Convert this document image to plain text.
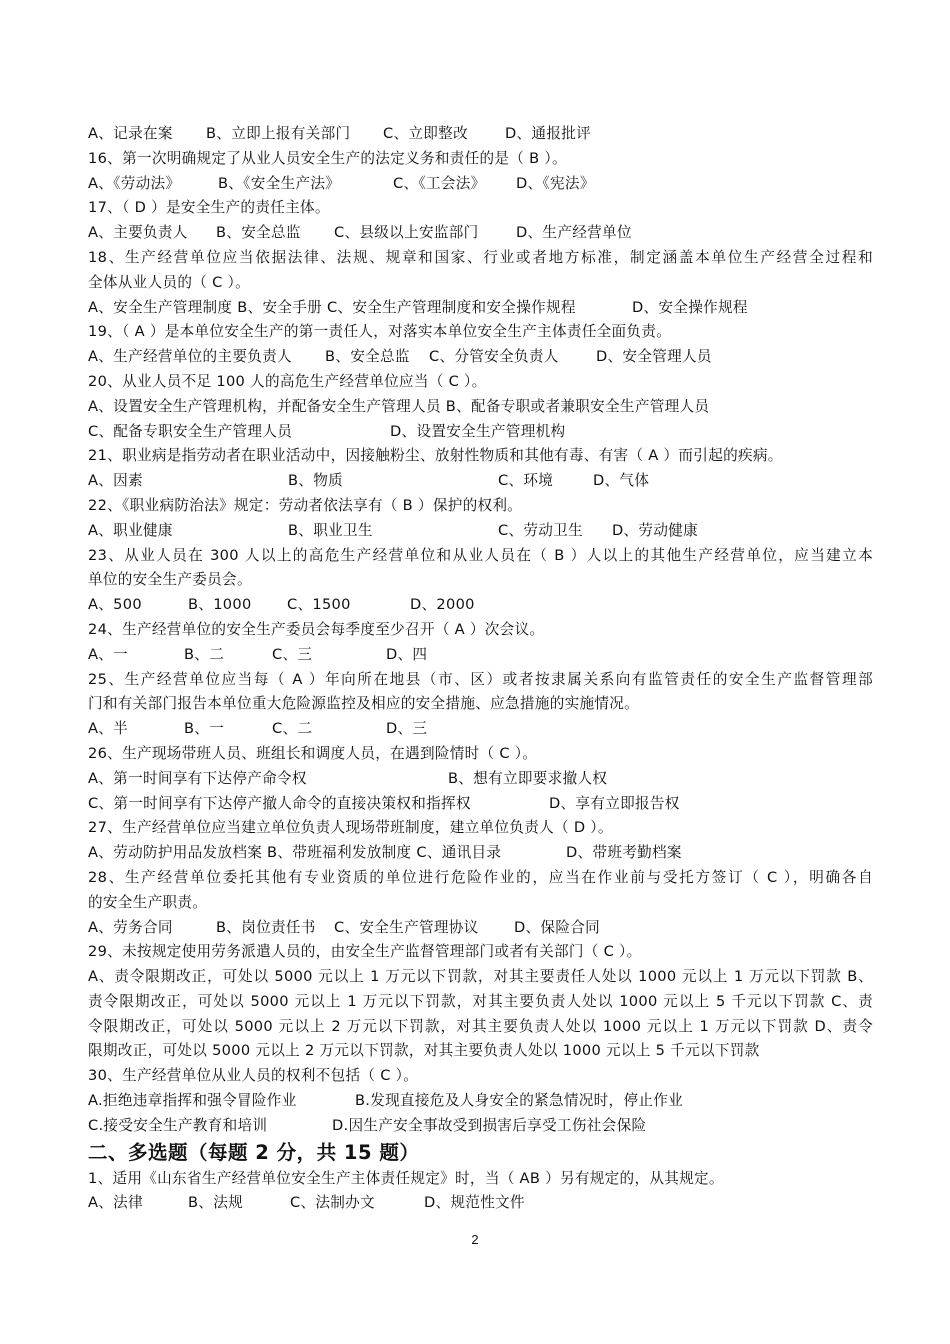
A、记录在案 B、立即上报有关部门 C、立即整改	D、通报批评
16、第一次明确规定了从业人员安全生产的法定义务和责任的是（ B ）。
A、《劳动法》	B、《安全生产法》	C、《工会法》 D、《宪法》
17、（ D ）是安全生产的责任主体。
A、主要负责人 B、安全总监 C、县级以上安监部门	D、生产经营单位
18、生产经营单位应当依据法律、法规、规章和国家、行业或者地方标准，制定涵盖本单位生产经营全过程和
全体从业人员的（ C ）。
A、安全生产管理制度 B、安全手册 C、安全生产管理制度和安全操作规程	D、安全操作规程
19、（ A ）是本单位安全生产的第一责任人，对落实本单位安全生产主体责任全面负责。
A、生产经营单位的主要负责人 B、安全总监 C、分管安全负责人	D、安全管理人员
20、从业人员不足 100 人的高危生产经营单位应当（ C ）。
A、设置安全生产管理机构，并配备安全生产管理人员 B、配备专职或者兼职安全生产管理人员
C、配备专职安全生产管理人员	D、设置安全生产管理机构
21、职业病是指劳动者在职业活动中，因接触粉尘、放射性物质和其他有毒、有害（ A ）而引起的疾病。
A、因素	B、物质	C、环境	D、气体
22、《职业病防治法》规定：劳动者依法享有（ B ）保护的权利。
A、职业健康	B、职业卫生	C、劳动卫生 D、劳动健康
23、从业人员在 300 人以上的高危生产经营单位和从业人员在（ B ）人以上的其他生产经营单位，应当建立本
单位的安全生产委员会。
A、500	B、1000 C、1500	D、2000
24、生产经营单位的安全生产委员会每季度至少召开（ A ）次会议。
A、一	B、二	C、三	D、四
25、生产经营单位应当每（ A ）年向所在地县（市、区）或者按隶属关系向有监管责任的安全生产监督管理部
门和有关部门报告本单位重大危险源监控及相应的安全措施、应急措施的实施情况。
A、半	B、一	C、二	D、三
26、生产现场带班人员、班组长和调度人员，在遇到险情时（ C ）。
A、第一时间享有下达停产命令权	B、想有立即要求撤人权
C、第一时间享有下达停产撤人命令的直接决策权和指挥权	D、享有立即报告权
27、生产经营单位应当建立单位负责人现场带班制度，建立单位负责人（ D ）。
A、劳动防护用品发放档案 B、带班福利发放制度 C、通讯目录	D、带班考勤档案
28、生产经营单位委托其他有专业资质的单位进行危险作业的，应当在作业前与受托方签订（ C ），明确各自
的安全生产职责。
A、劳务合同	B、岗位责任书 C、安全生产管理协议 D、保险合同
29、未按规定使用劳务派遣人员的，由安全生产监督管理部门或者有关部门（ C ）。
A、责令限期改正，可处以 5000 元以上 1 万元以下罚款，对其主要责任人处以 1000 元以上 1 万元以下罚款 B、
责令限期改正，可处以 5000 元以上 1 万元以下罚款，对其主要负责人处以 1000 元以上 5 千元以下罚款 C、责
令限期改正，可处以 5000 元以上 2 万元以下罚款，对其主要负责人处以 1000 元以上 1 万元以下罚款 D、责令
限期改正，可处以 5000 元以上 2 万元以下罚款，对其主要负责人处以 1000 元以上 5 千元以下罚款
30、生产经营单位从业人员的权利不包括（ C ）。
A.拒绝违章指挥和强令冒险作业	B.发现直接危及人身安全的紧急情况时，停止作业
C.接受安全生产教育和培训	D.因生产安全事故受到损害后享受工伤社会保险
二、多选题（每题 2 分，共 15 题）
1、适用《山东省生产经营单位安全生产主体责任规定》时，当（ AB ）另有规定的，从其规定。
A、法律	B、法规	C、法制办文	D、规范性文件
2
